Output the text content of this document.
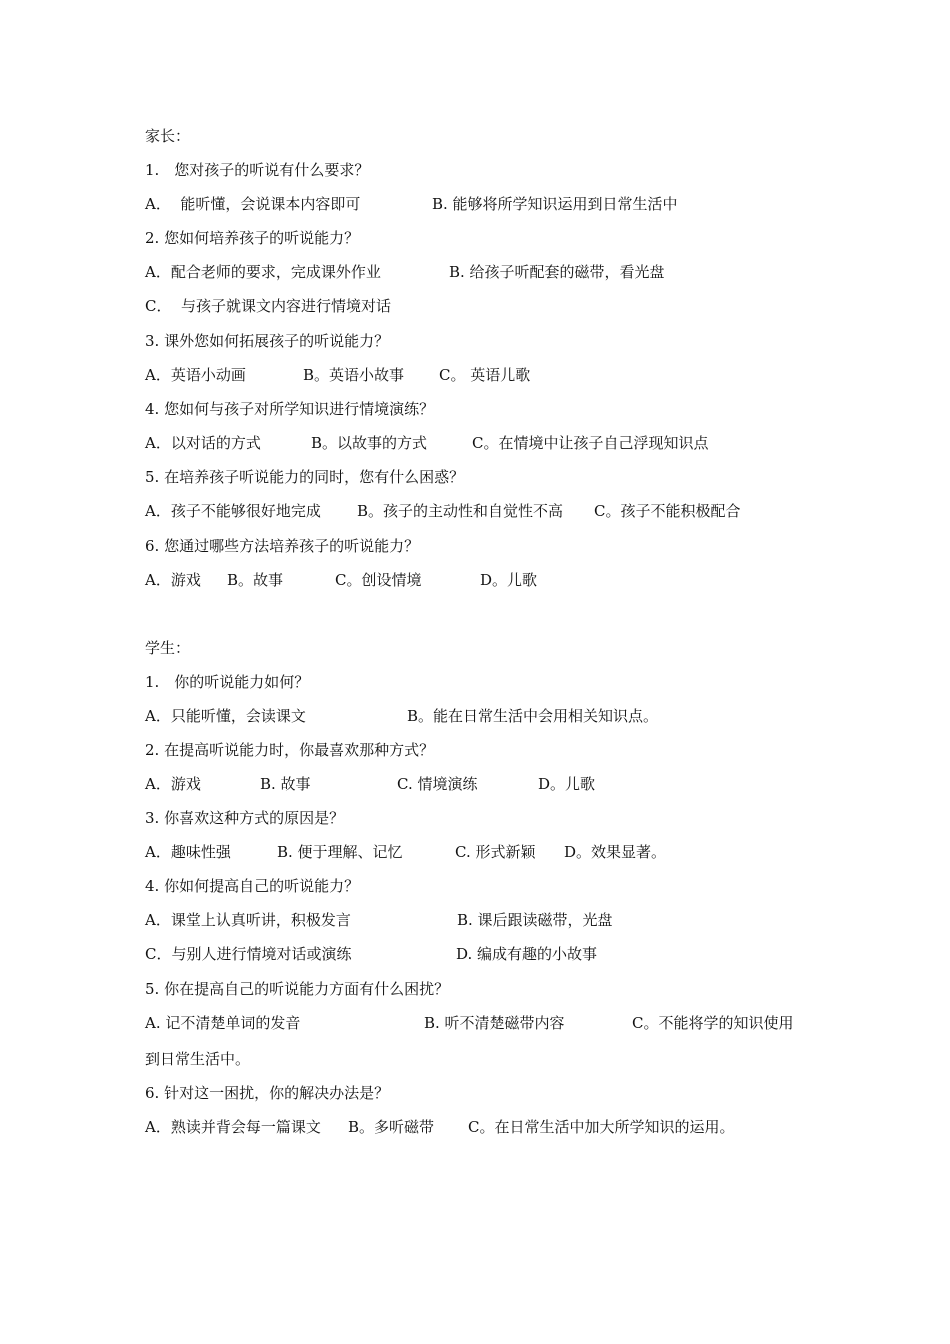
家长：
1.　您对孩子的听说有什么要求？

A．  能听懂，会说课本内容即可

	B. 能够将所学知识运用到日常生活中

2. 您如何培养孩子的听说能力？

A．配合老师的要求，完成课外作业

	B. 给孩子听配套的磁带，看光盘

C．  与孩子就课文内容进行情境对话

3. 课外您如何拓展孩子的听说能力？

A．英语小动画

	B。英语小故事

C。 英语儿歌

4. 您如何与孩子对所学知识进行情境演练？

A．以对话的方式

	B。以故事的方式

	C。在情境中让孩子自己浮现知识点

5. 在培养孩子听说能力的同时，您有什么困惑？

A．孩子不能够很好地完成

B。孩子的主动性和自觉性不高

C。孩子不能积极配合

6. 您通过哪些方法培养孩子的听说能力？

A．游戏

B。故事

	C。创设情境

	D。儿歌

学生：
1.　你的听说能力如何？

A．只能听懂，会读课文

	B。能在日常生活中会用相关知识点。

2. 在提高听说能力时，你最喜欢那种方式？

A．游戏

	B. 故事

	C. 情境演练

	D。儿歌

3. 你喜欢这种方式的原因是？

A．趣味性强

	B. 便于理解、记忆

	C. 形式新颖

D。效果显著。

4. 你如何提高自己的听说能力？

A．课堂上认真听讲，积极发言

	B. 课后跟读磁带，光盘

C．与别人进行情境对话或演练

	D. 编成有趣的小故事

5. 你在提高自己的听说能力方面有什么困扰？

A. 记不清楚单词的发音

	B. 听不清楚磁带内容

	C。不能将学的知识使用

到日常生活中。
6. 针对这一困扰，你的解决办法是？

A．熟读并背会每一篇课文

B。多听磁带

C。在日常生活中加大所学知识的运用。
